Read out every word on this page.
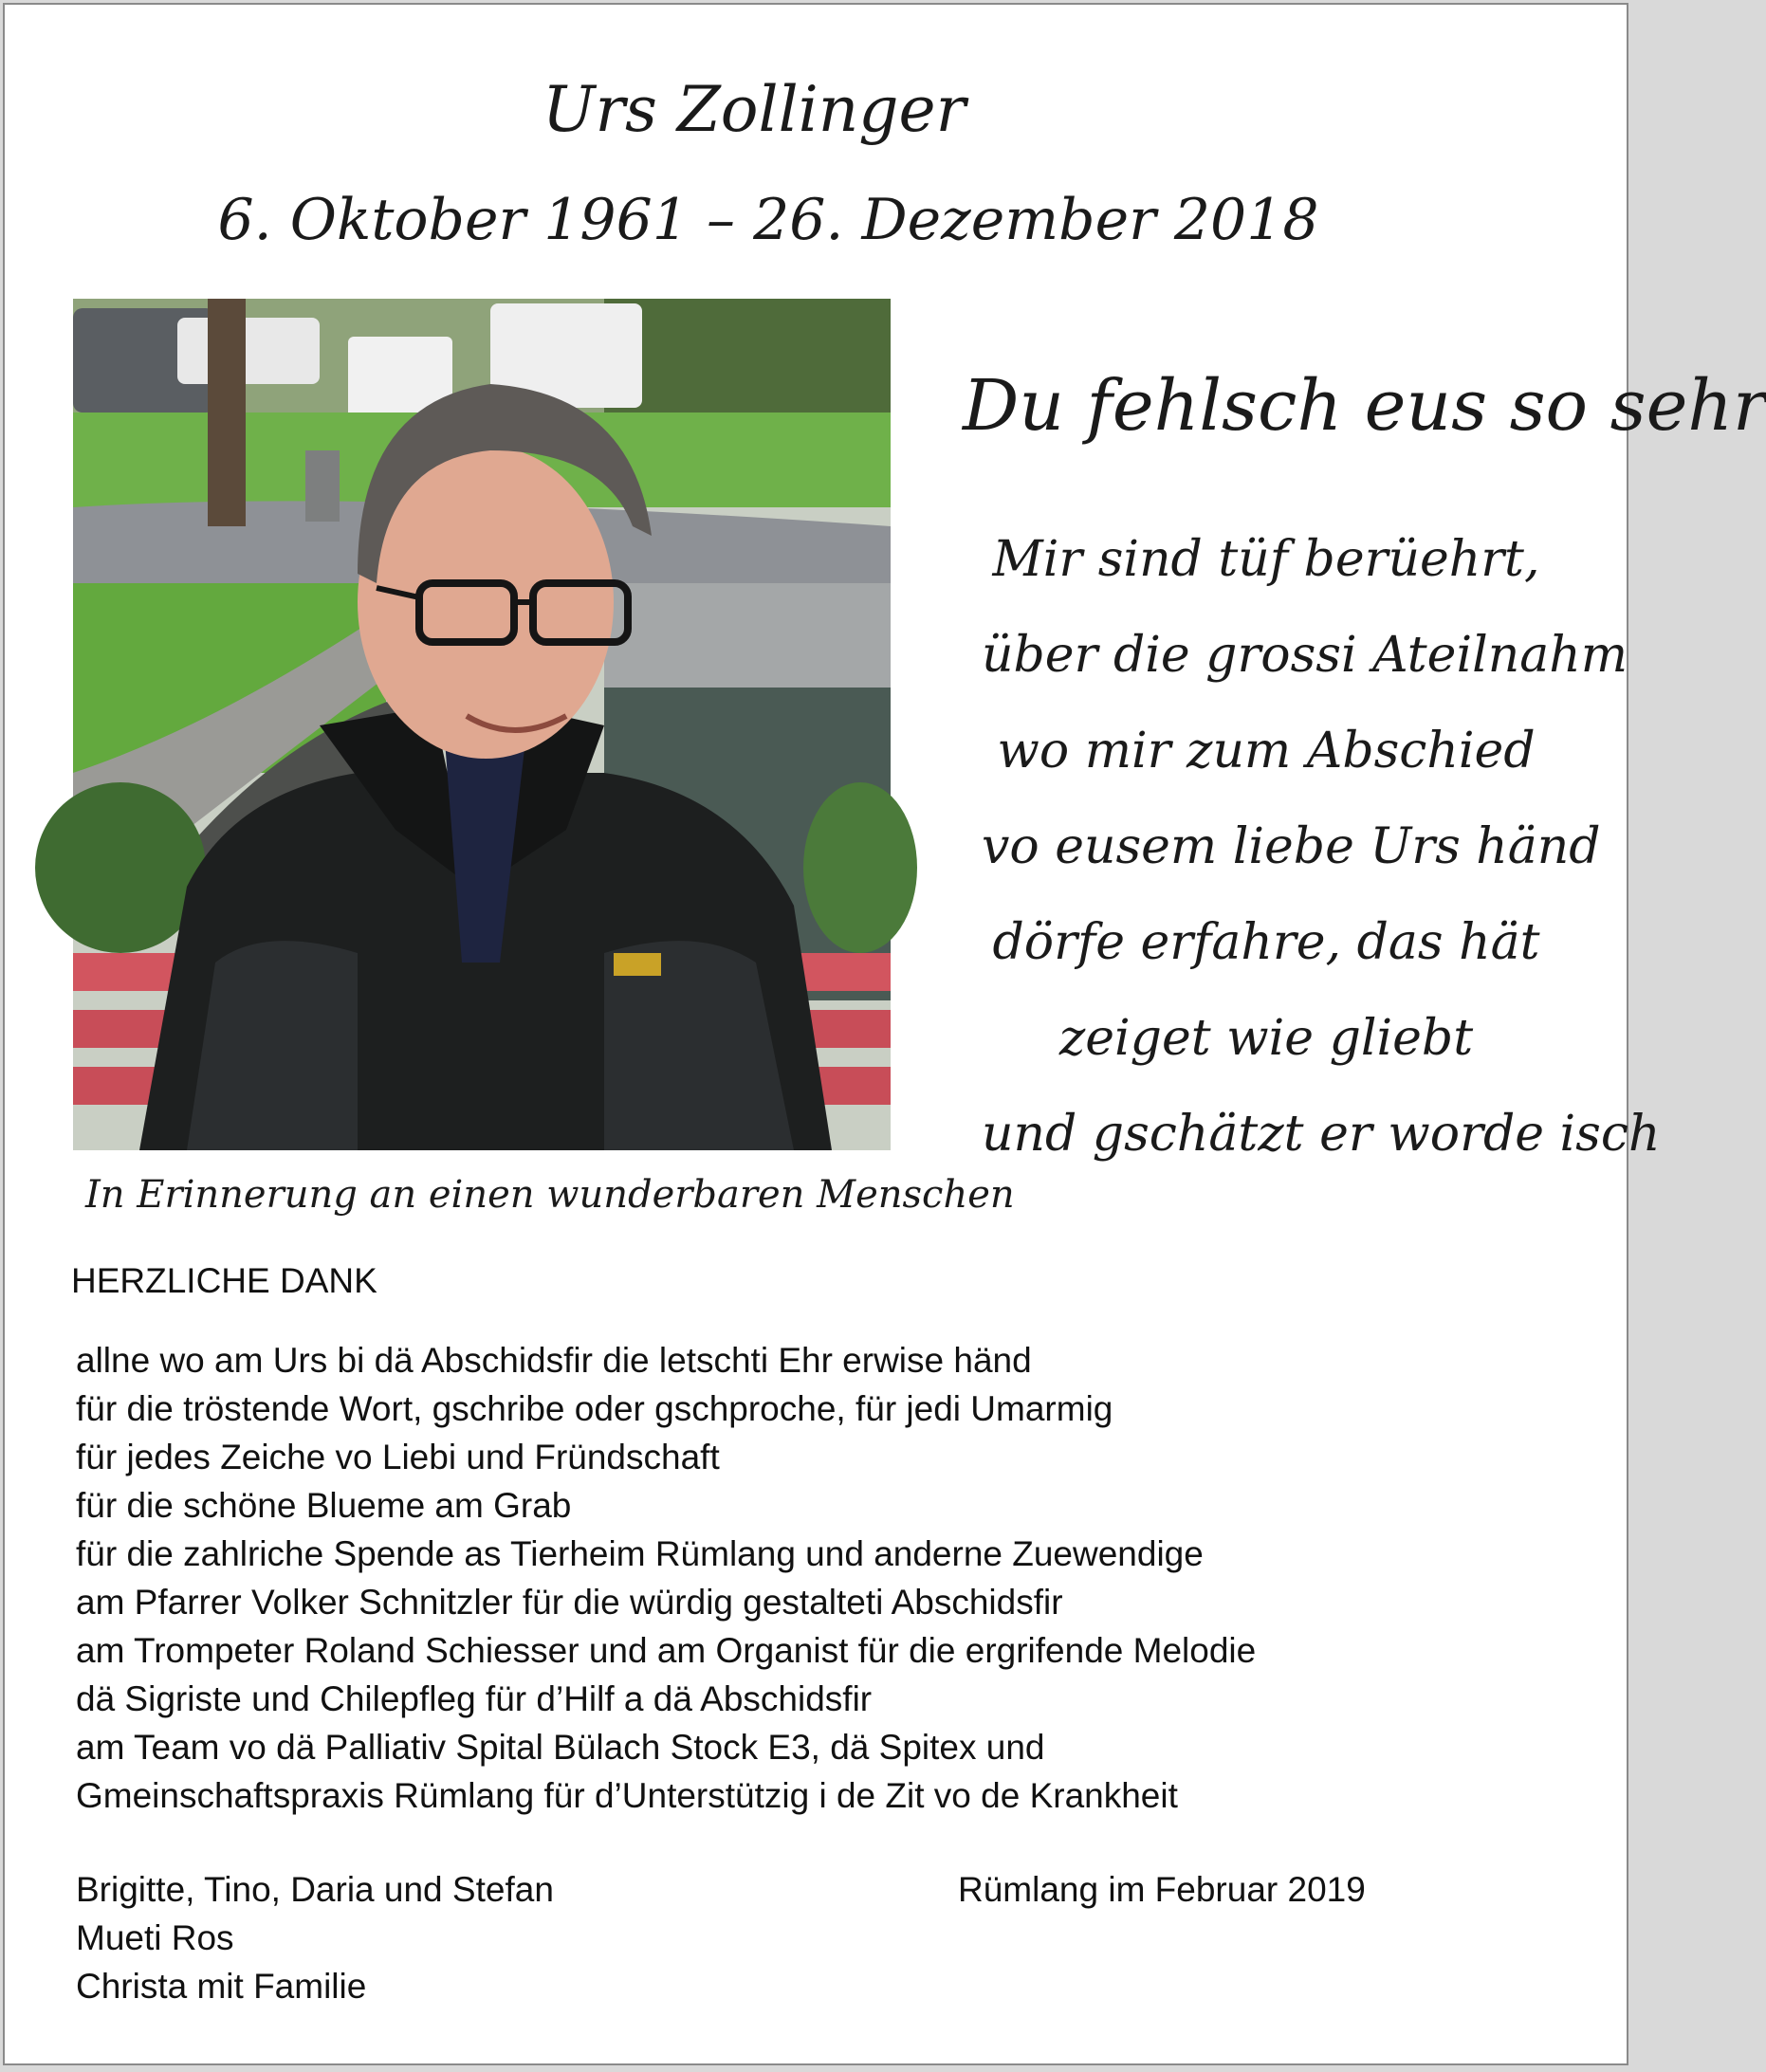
Urs Zollinger
6. Oktober 1961 – 26. Dezember 2018
In Erinnerung an einen wunderbaren Menschen
Du fehlsch eus so sehr
Mir sind tüf berüehrt,
über die grossi Ateilnahm
wo mir zum Abschied
vo eusem liebe Urs händ
dörfe erfahre, das hät
zeiget wie gliebt
und gschätzt er worde isch
HERZLICHE DANK
allne wo am Urs bi dä Abschidsfir die letschti Ehr erwise händ
für die tröstende Wort, gschribe oder gschproche, für jedi Umarmig
für jedes Zeiche vo Liebi und Fründschaft
für die schöne Blueme am Grab
für die zahlriche Spende as Tierheim Rümlang und anderne Zuewendige
am Pfarrer Volker Schnitzler für die würdig gestalteti Abschidsfir
am Trompeter Roland Schiesser und am Organist für die ergrifende Melodie
dä Sigriste und Chilepfleg für d’Hilf a dä Abschidsfir
am Team vo dä Palliativ Spital Bülach Stock E3, dä Spitex und
Gmeinschaftspraxis Rümlang für d’Unterstützig i de Zit vo de Krankheit
Brigitte, Tino, Daria und Stefan
Mueti Ros
Christa mit Familie
Rümlang im Februar 2019
